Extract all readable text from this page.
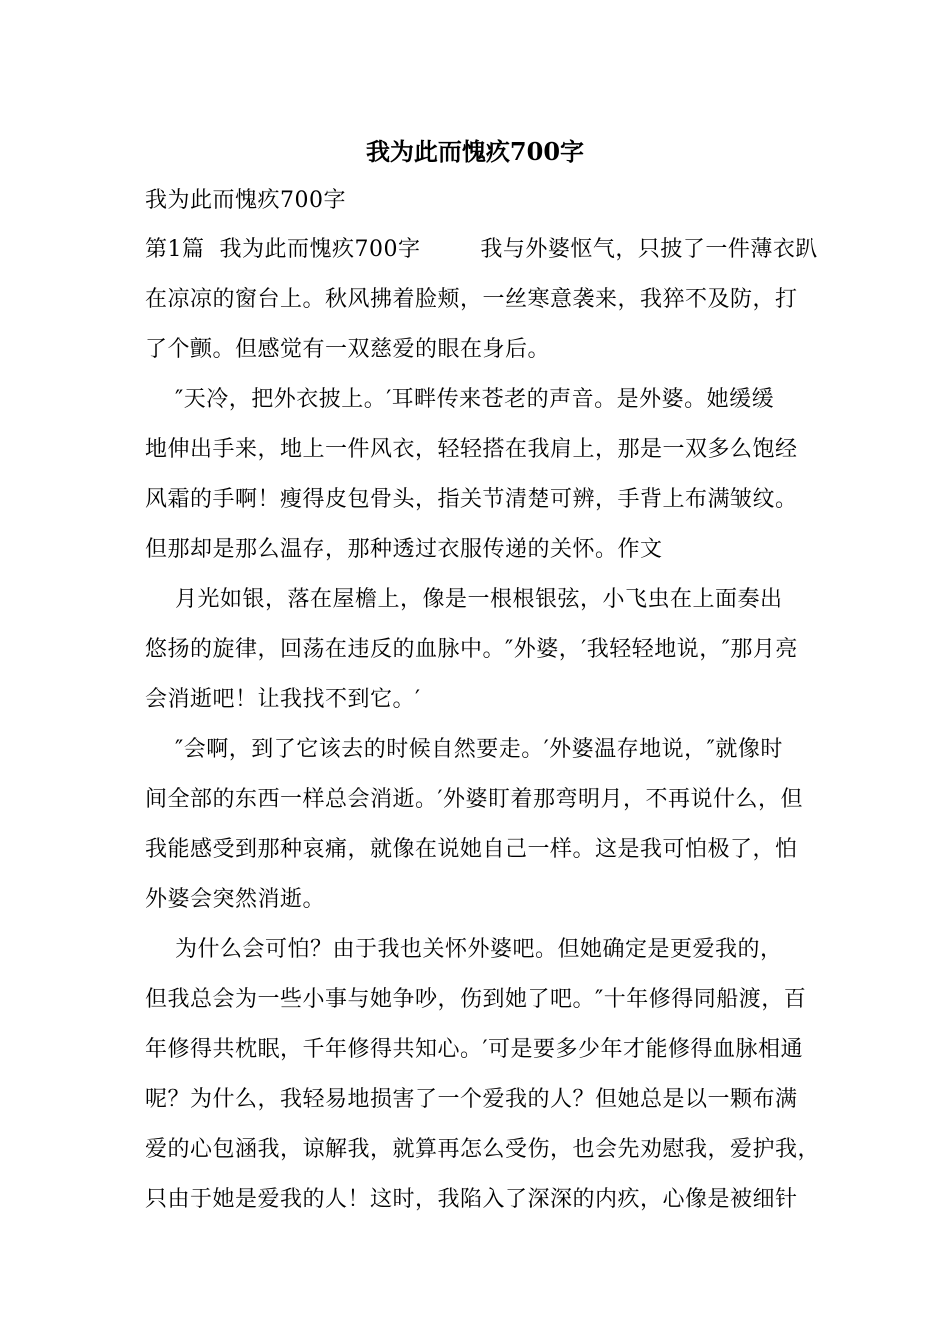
我为此而愧疚700字
我为此而愧疚700字
第1篇  我为此而愧疚700字        我与外婆怄气，只披了一件薄衣趴
在凉凉的窗台上。秋风拂着脸颊，一丝寒意袭来，我猝不及防，打
了个颤。但感觉有一双慈爱的眼在身后。
″天冷，把外衣披上。′耳畔传来苍老的声音。是外婆。她缓缓
地伸出手来，地上一件风衣，轻轻搭在我肩上，那是一双多么饱经
风霜的手啊！瘦得皮包骨头，指关节清楚可辨，手背上布满皱纹。
但那却是那么温存，那种透过衣服传递的关怀。作文
月光如银，落在屋檐上，像是一根根银弦，小飞虫在上面奏出
悠扬的旋律，回荡在违反的血脉中。″外婆，′我轻轻地说，″那月亮
会消逝吧！让我找不到它。′
″会啊，到了它该去的时候自然要走。′外婆温存地说，″就像时
间全部的东西一样总会消逝。′外婆盯着那弯明月，不再说什么，但
我能感受到那种哀痛，就像在说她自己一样。这是我可怕极了，怕
外婆会突然消逝。
为什么会可怕？由于我也关怀外婆吧。但她确定是更爱我的，
但我总会为一些小事与她争吵，伤到她了吧。″十年修得同船渡，百
年修得共枕眠，千年修得共知心。′可是要多少年才能修得血脉相通
呢？为什么，我轻易地损害了一个爱我的人？但她总是以一颗布满
爱的心包涵我，谅解我，就算再怎么受伤，也会先劝慰我，爱护我，
只由于她是爱我的人！这时，我陷入了深深的内疚，心像是被细针
